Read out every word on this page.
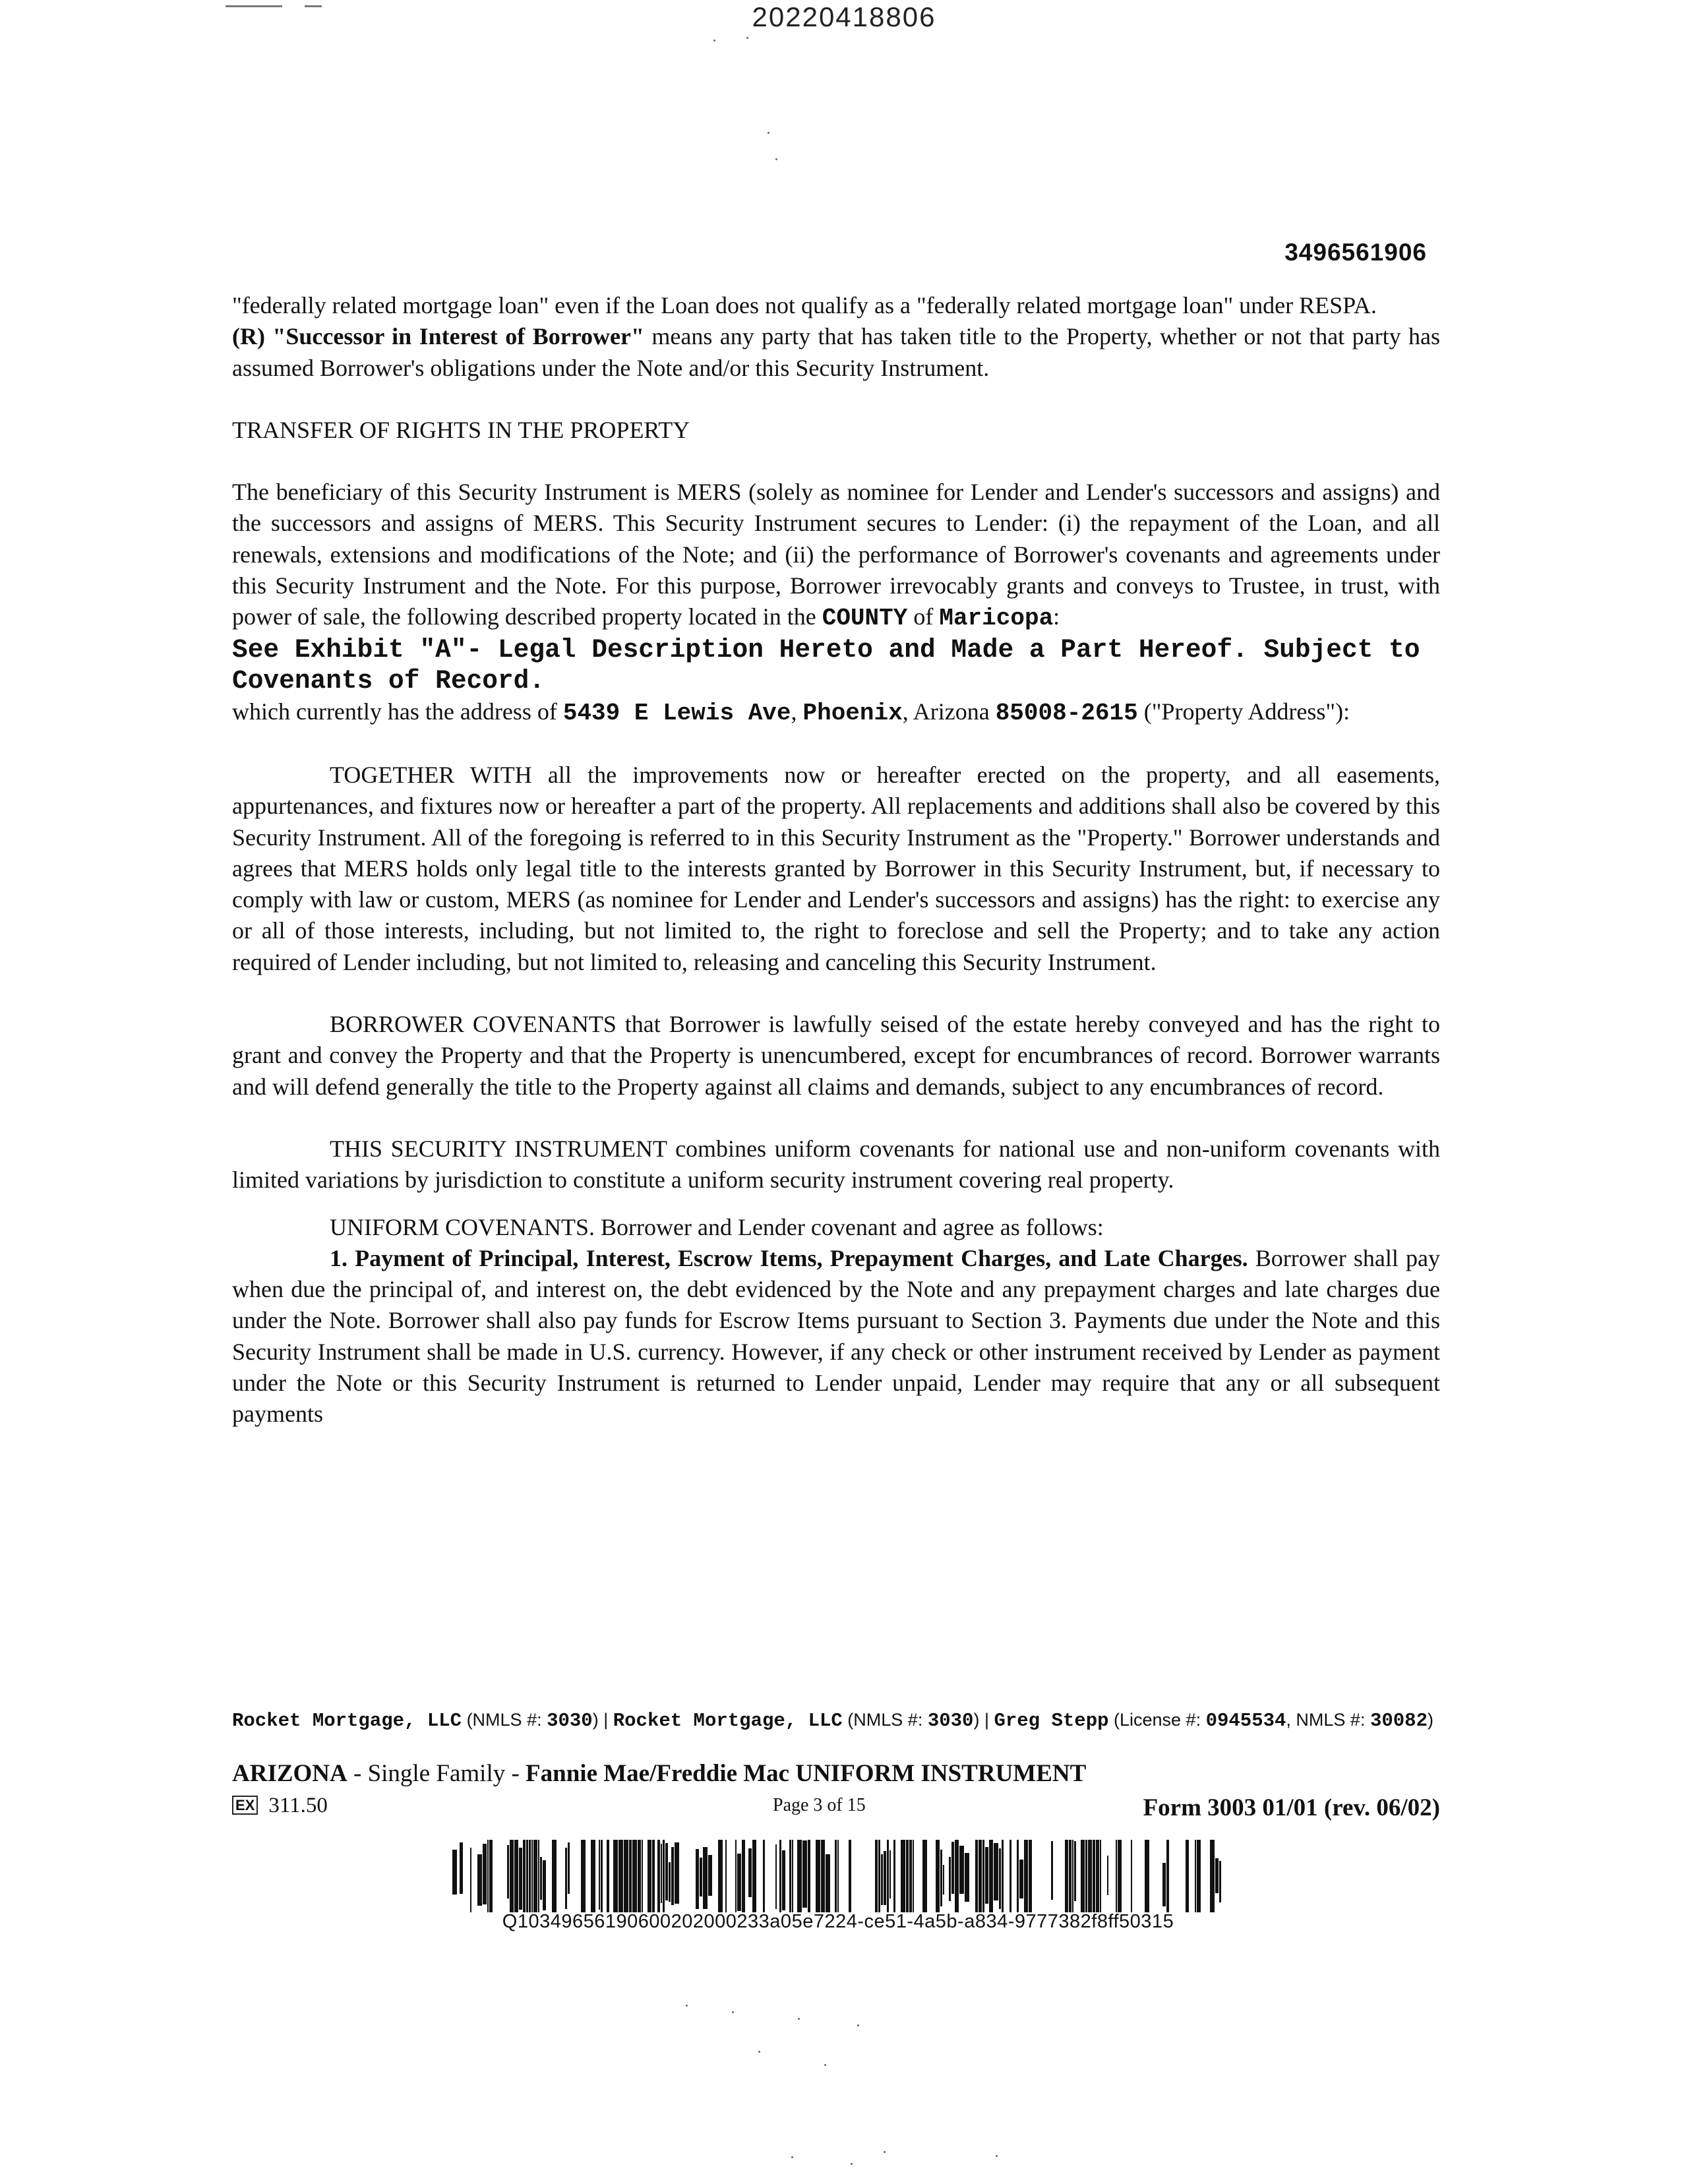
20220418806
3496561906

"federally related mortgage loan" even if the Loan does not qualify as a "federally related mortgage loan" under RESPA.

(R) "Successor in Interest of Borrower" means any party that has taken title to the Property, whether or not that party has assumed Borrower's obligations under the Note and/or this Security Instrument.

TRANSFER OF RIGHTS IN THE PROPERTY

The beneficiary of this Security Instrument is MERS (solely as nominee for Lender and Lender's successors and assigns) and the successors and assigns of MERS. This Security Instrument secures to Lender: (i) the repayment of the Loan, and all renewals, extensions and modifications of the Note; and (ii) the performance of Borrower's covenants and agreements under this Security Instrument and the Note. For this purpose, Borrower irrevocably grants and conveys to Trustee, in trust, with power of sale, the following described property located in the COUNTY of Maricopa:

See Exhibit "A"- Legal Description Hereto and Made a Part Hereof. Subject to Covenants of Record.

which currently has the address of 5439 E Lewis Ave, Phoenix, Arizona 85008-2615 ("Property Address"):

TOGETHER WITH all the improvements now or hereafter erected on the property, and all easements, appurtenances, and fixtures now or hereafter a part of the property. All replacements and additions shall also be covered by this Security Instrument. All of the foregoing is referred to in this Security Instrument as the "Property." Borrower understands and agrees that MERS holds only legal title to the interests granted by Borrower in this Security Instrument, but, if necessary to comply with law or custom, MERS (as nominee for Lender and Lender's successors and assigns) has the right: to exercise any or all of those interests, including, but not limited to, the right to foreclose and sell the Property; and to take any action required of Lender including, but not limited to, releasing and canceling this Security Instrument.

BORROWER COVENANTS that Borrower is lawfully seised of the estate hereby conveyed and has the right to grant and convey the Property and that the Property is unencumbered, except for encumbrances of record. Borrower warrants and will defend generally the title to the Property against all claims and demands, subject to any encumbrances of record.

THIS SECURITY INSTRUMENT combines uniform covenants for national use and non-uniform covenants with limited variations by jurisdiction to constitute a uniform security instrument covering real property.

UNIFORM COVENANTS. Borrower and Lender covenant and agree as follows:

1. Payment of Principal, Interest, Escrow Items, Prepayment Charges, and Late Charges. Borrower shall pay when due the principal of, and interest on, the debt evidenced by the Note and any prepayment charges and late charges due under the Note. Borrower shall also pay funds for Escrow Items pursuant to Section 3. Payments due under the Note and this Security Instrument shall be made in U.S. currency. However, if any check or other instrument received by Lender as payment under the Note or this Security Instrument is returned to Lender unpaid, Lender may require that any or all subsequent payments

Rocket Mortgage, LLC (NMLS #: 3030) | Rocket Mortgage, LLC (NMLS #: 3030) | Greg Stepp (License #: 0945534, NMLS #: 30082)
ARIZONA - Single Family - Fannie Mae/Freddie Mac UNIFORM INSTRUMENT
EX 311.50	Page 3 of 15	Form 3003 01/01 (rev. 06/02)
Q10349656190600202000233a05e7224-ce51-4a5b-a834-9777382f8ff50315
